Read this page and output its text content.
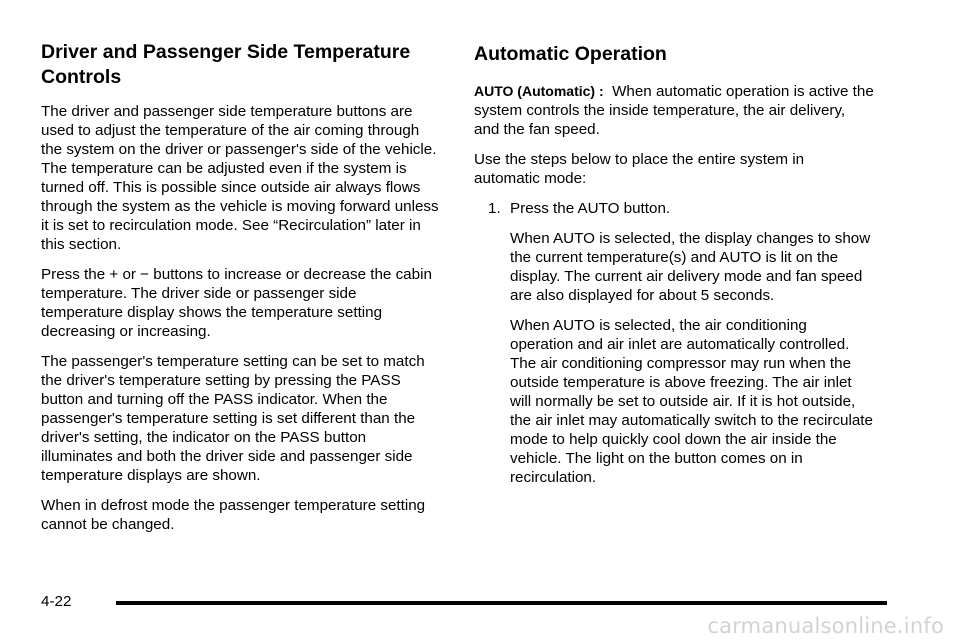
Driver and Passenger Side Temperature Controls

The driver and passenger side temperature buttons are used to adjust the temperature of the air coming through the system on the driver or passenger's side of the vehicle. The temperature can be adjusted even if the system is turned off. This is possible since outside air always flows through the system as the vehicle is moving forward unless it is set to recirculation mode. See “Recirculation” later in this section.

Press the + or − buttons to increase or decrease the cabin temperature. The driver side or passenger side temperature display shows the temperature setting decreasing or increasing.

The passenger's temperature setting can be set to match the driver's temperature setting by pressing the PASS button and turning off the PASS indicator. When the passenger's temperature setting is set different than the driver's setting, the indicator on the PASS button illuminates and both the driver side and passenger side temperature displays are shown.

When in defrost mode the passenger temperature setting cannot be changed.

Automatic Operation

AUTO (Automatic) : When automatic operation is active the system controls the inside temperature, the air delivery, and the fan speed.

Use the steps below to place the entire system in automatic mode:

1. Press the AUTO button.

When AUTO is selected, the display changes to show the current temperature(s) and AUTO is lit on the display. The current air delivery mode and fan speed are also displayed for about 5 seconds.

When AUTO is selected, the air conditioning operation and air inlet are automatically controlled. The air conditioning compressor may run when the outside temperature is above freezing. The air inlet will normally be set to outside air. If it is hot outside, the air inlet may automatically switch to the recirculate mode to help quickly cool down the air inside the vehicle. The light on the button comes on in recirculation.

4-22
carmanualsonline.info
